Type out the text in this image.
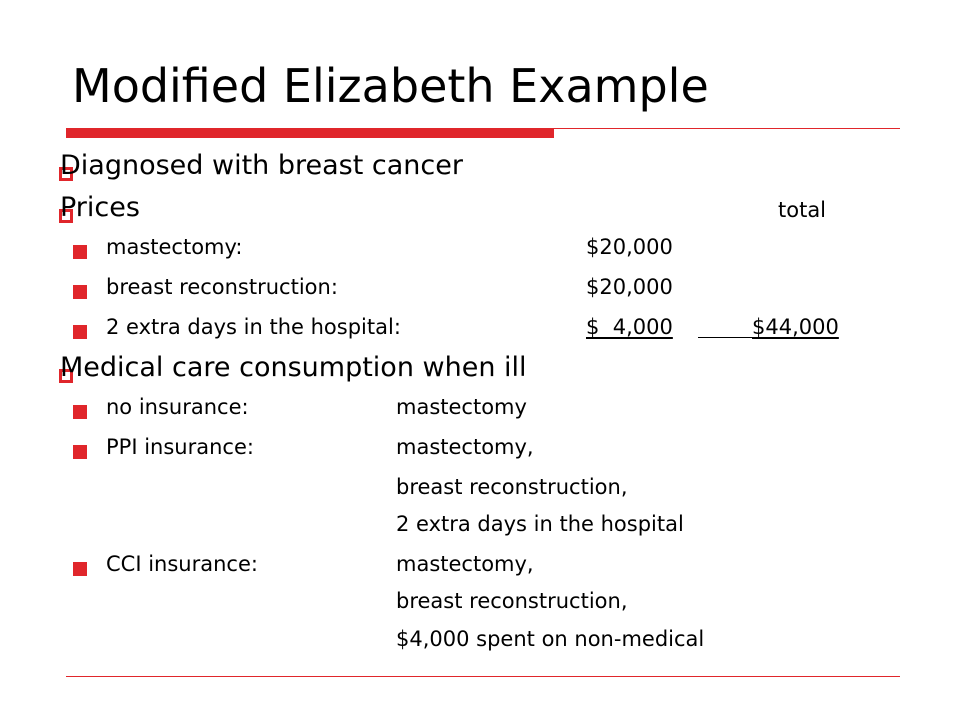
Modified Elizabeth Example
Diagnosed with breast cancer
Prices	total
mastectomy:	$20,000
breast reconstruction:	$20,000
2 extra days in the hospital:	$  4,000	$44,000
Medical care consumption when ill
no insurance:	mastectomy
PPI insurance:	mastectomy,
breast reconstruction,
2 extra days in the hospital
CCI insurance:	mastectomy,
breast reconstruction,
$4,000 spent on non-medical
